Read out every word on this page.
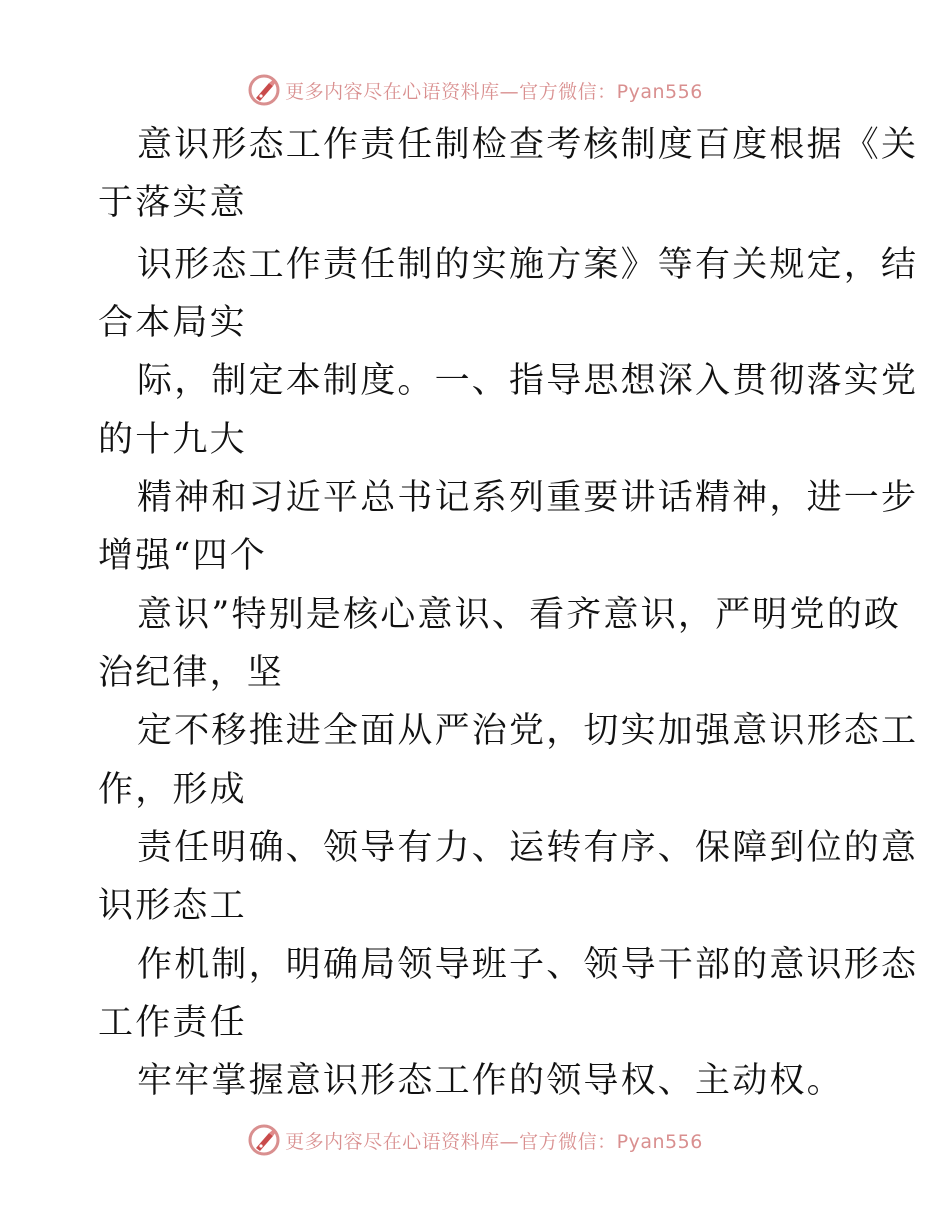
更多内容尽在心语资料库—官方微信：Pyan556
意识形态工作责任制检查考核制度百度根据《关
于落实意
识形态工作责任制的实施方案》等有关规定，结
合本局实
际，制定本制度。一、指导思想深入贯彻落实党
的十九大
精神和习近平总书记系列重要讲话精神，进一步
增强“四个
意识”特别是核心意识、看齐意识，严明党的政
治纪律，坚
定不移推进全面从严治党，切实加强意识形态工
作，形成
责任明确、领导有力、运转有序、保障到位的意
识形态工
作机制，明确局领导班子、领导干部的意识形态
工作责任
牢牢掌握意识形态工作的领导权、主动权。
更多内容尽在心语资料库—官方微信：Pyan556
